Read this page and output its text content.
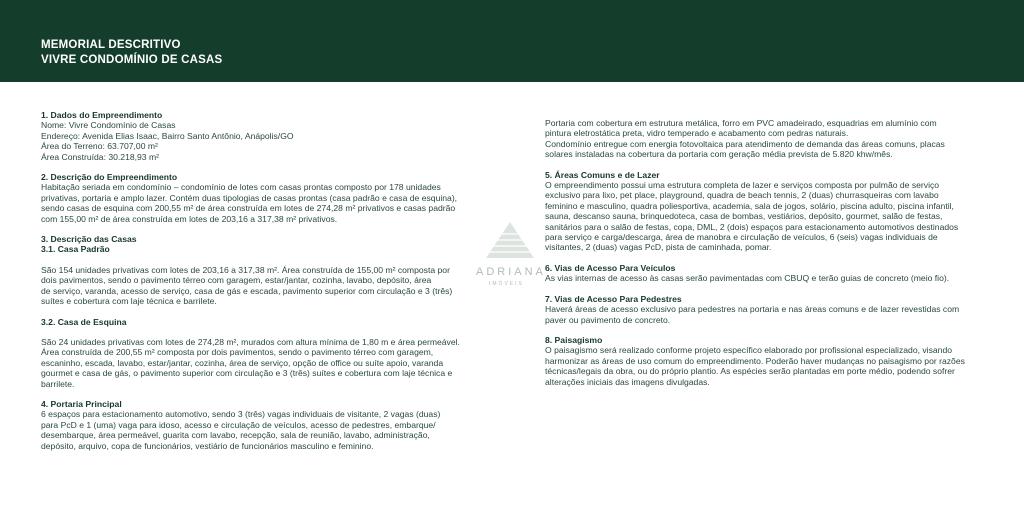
MEMORIAL DESCRITIVO
VIVRE CONDOMÍNIO DE CASAS
ADRIANA
IMÓVEIS
1. Dados do Empreendimento
Nome: Vivre Condomínio de Casas
Endereço: Avenida Elias Isaac, Bairro Santo Antônio, Anápolis/GO
Área do Terreno: 63.707,00 m²
Área Construída: 30.218,93 m²
2. Descrição do Empreendimento
Habitação seriada em condomínio – condomínio de lotes com casas prontas composto por 178 unidades
privativas, portaria e amplo lazer. Contém duas tipologias de casas prontas (casa padrão e casa de esquina),
sendo casas de esquina com 200,55 m² de área construída em lotes de 274,28 m² privativos e casas padrão
com 155,00 m² de área construída em lotes de 203,16 a 317,38 m² privativos.
3. Descrição das Casas
3.1. Casa Padrão
São 154 unidades privativas com lotes de 203,16 a 317,38 m². Área construída de 155,00 m² composta por
dois pavimentos, sendo o pavimento térreo com garagem, estar/jantar, cozinha, lavabo, depósito, área
de serviço, varanda, acesso de serviço, casa de gás e escada, pavimento superior com circulação e 3 (três)
suítes e cobertura com laje técnica e barrilete.
3.2. Casa de Esquina
São 24 unidades privativas com lotes de 274,28 m², murados com altura mínima de 1,80 m e área permeável.
Área construída de 200,55 m² composta por dois pavimentos, sendo o pavimento térreo com garagem,
escaninho, escada, lavabo, estar/jantar, cozinha, área de serviço, opção de office ou suíte apoio, varanda
gourmet e casa de gás, o pavimento superior com circulação e 3 (três) suítes e cobertura com laje técnica e
barrilete.
4. Portaria Principal
6 espaços para estacionamento automotivo, sendo 3 (três) vagas individuais de visitante, 2 vagas (duas)
para PcD e 1 (uma) vaga para idoso, acesso e circulação de veículos, acesso de pedestres, embarque/
desembarque, área permeável, guarita com lavabo, recepção, sala de reunião, lavabo, administração,
depósito, arquivo, copa de funcionários, vestiário de funcionários masculino e feminino.
Portaria com cobertura em estrutura metálica, forro em PVC amadeirado, esquadrias em alumínio com
pintura eletrostática preta, vidro temperado e acabamento com pedras naturais.
Condomínio entregue com energia fotovoltaica para atendimento de demanda das áreas comuns, placas
solares instaladas na cobertura da portaria com geração média prevista de 5.820 khw/mês.
5. Áreas Comuns e de Lazer
O empreendimento possui uma estrutura completa de lazer e serviços composta por pulmão de serviço
exclusivo para lixo, pet place, playground, quadra de beach tennis, 2 (duas) churrasqueiras com lavabo
feminino e masculino, quadra poliesportiva, academia, sala de jogos, solário, piscina adulto, piscina infantil,
sauna, descanso sauna, brinquedoteca, casa de bombas, vestiários, depósito, gourmet, salão de festas,
sanitários para o salão de festas, copa, DML, 2 (dois) espaços para estacionamento automotivos destinados
para serviço e carga/descarga, área de manobra e circulação de veículos, 6 (seis) vagas individuais de
visitantes, 2 (duas) vagas PcD, pista de caminhada, pomar.
6. Vias de Acesso Para Veículos
As vias internas de acesso às casas serão pavimentadas com CBUQ e terão guias de concreto (meio fio).
7. Vias de Acesso Para Pedestres
Haverá áreas de acesso exclusivo para pedestres na portaria e nas áreas comuns e de lazer revestidas com
paver ou pavimento de concreto.
8. Paisagismo
O paisagismo será realizado conforme projeto específico elaborado por profissional especializado, visando
harmonizar as áreas de uso comum do empreendimento. Poderão haver mudanças no paisagismo por razões
técnicas/legais da obra, ou do próprio plantio. As espécies serão plantadas em porte médio, podendo sofrer
alterações iniciais das imagens divulgadas.
